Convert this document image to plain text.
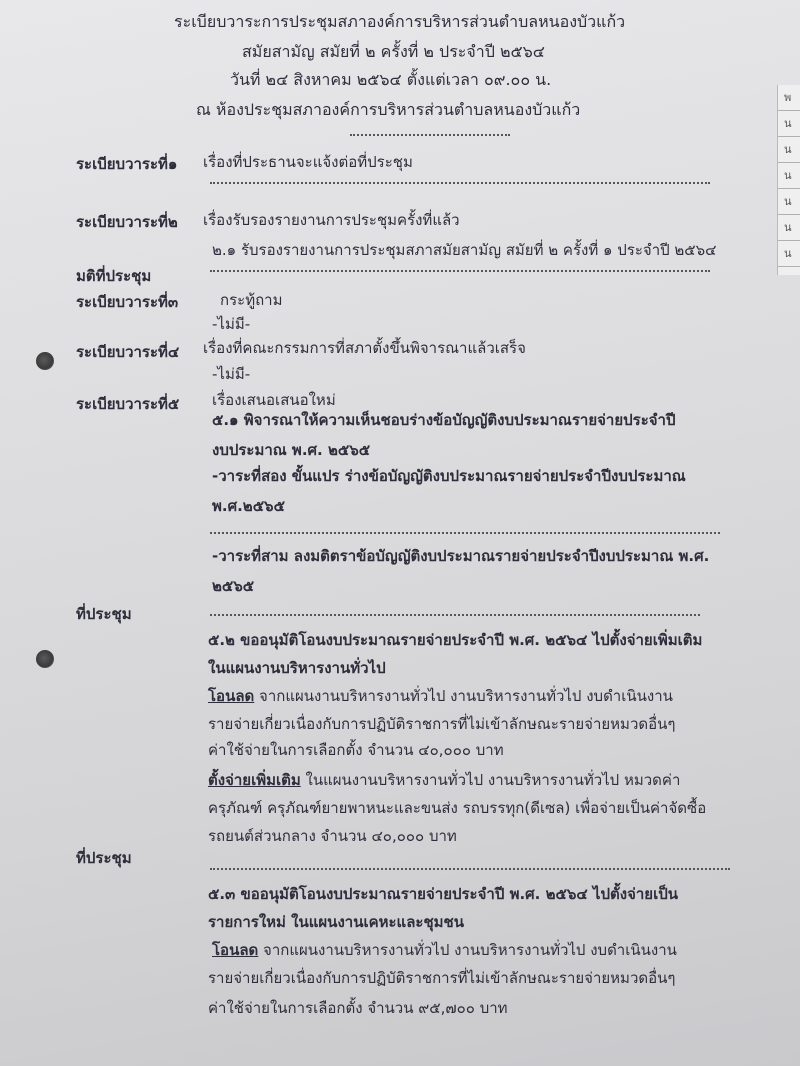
พ
น
น
น
น
น
น
ระเบียบวาระการประชุมสภาองค์การบริหารส่วนตำบลหนองบัวแก้ว
สมัยสามัญ สมัยที่ ๒ ครั้งที่ ๒ ประจำปี ๒๕๖๔
วันที่ ๒๔ สิงหาคม ๒๕๖๔ ตั้งแต่เวลา ๐๙.๐๐ น.
ณ ห้องประชุมสภาองค์การบริหารส่วนตำบลหนองบัวแก้ว
ระเบียบวาระที่๑ เรื่องที่ประธานจะแจ้งต่อที่ประชุม
ระเบียบวาระที่๒ เรื่องรับรองรายงานการประชุมครั้งที่แล้ว
๒.๑ รับรองรายงานการประชุมสภาสมัยสามัญ สมัยที่ ๒ ครั้งที่ ๑ ประจำปี ๒๕๖๔
มติที่ประชุม
ระเบียบวาระที่๓	กระทู้ถาม
-ไม่มี-
ระเบียบวาระที่๔ เรื่องที่คณะกรรมการที่สภาตั้งขึ้นพิจารณาแล้วเสร็จ
-ไม่มี-
ระเบียบวาระที่๕ เรื่องเสนอเสนอใหม่
๕.๑ พิจารณาให้ความเห็นชอบร่างข้อบัญญัติงบประมาณรายจ่ายประจำปี
งบประมาณ พ.ศ. ๒๕๖๕
-วาระที่สอง ขั้นแปร ร่างข้อบัญญัติงบประมาณรายจ่ายประจำปีงบประมาณ
พ.ศ.๒๕๖๕
-วาระที่สาม ลงมติตราข้อบัญญัติงบประมาณรายจ่ายประจำปีงบประมาณ พ.ศ.
๒๕๖๕
ที่ประชุม
๕.๒ ขออนุมัติโอนงบประมาณรายจ่ายประจำปี พ.ศ. ๒๕๖๔ ไปตั้งจ่ายเพิ่มเติม
ในแผนงานบริหารงานทั่วไป
โอนลด จากแผนงานบริหารงานทั่วไป งานบริหารงานทั่วไป งบดำเนินงาน
รายจ่ายเกี่ยวเนื่องกับการปฏิบัติราชการที่ไม่เข้าลักษณะรายจ่ายหมวดอื่นๆ
ค่าใช้จ่ายในการเลือกตั้ง จำนวน ๔๐,๐๐๐ บาท
ตั้งจ่ายเพิ่มเติม ในแผนงานบริหารงานทั่วไป งานบริหารงานทั่วไป หมวดค่า
ครุภัณฑ์ ครุภัณฑ์ยายพาหนะและขนส่ง รถบรรทุก(ดีเซล) เพื่อจ่ายเป็นค่าจัดซื้อ
รถยนต์ส่วนกลาง จำนวน ๔๐,๐๐๐ บาท
ที่ประชุม
๕.๓ ขออนุมัติโอนงบประมาณรายจ่ายประจำปี พ.ศ. ๒๕๖๔ ไปตั้งจ่ายเป็น
รายการใหม่ ในแผนงานเคหะและชุมชน
โอนลด จากแผนงานบริหารงานทั่วไป งานบริหารงานทั่วไป งบดำเนินงาน
รายจ่ายเกี่ยวเนื่องกับการปฏิบัติราชการที่ไม่เข้าลักษณะรายจ่ายหมวดอื่นๆ
ค่าใช้จ่ายในการเลือกตั้ง จำนวน ๙๕,๗๐๐ บาท
